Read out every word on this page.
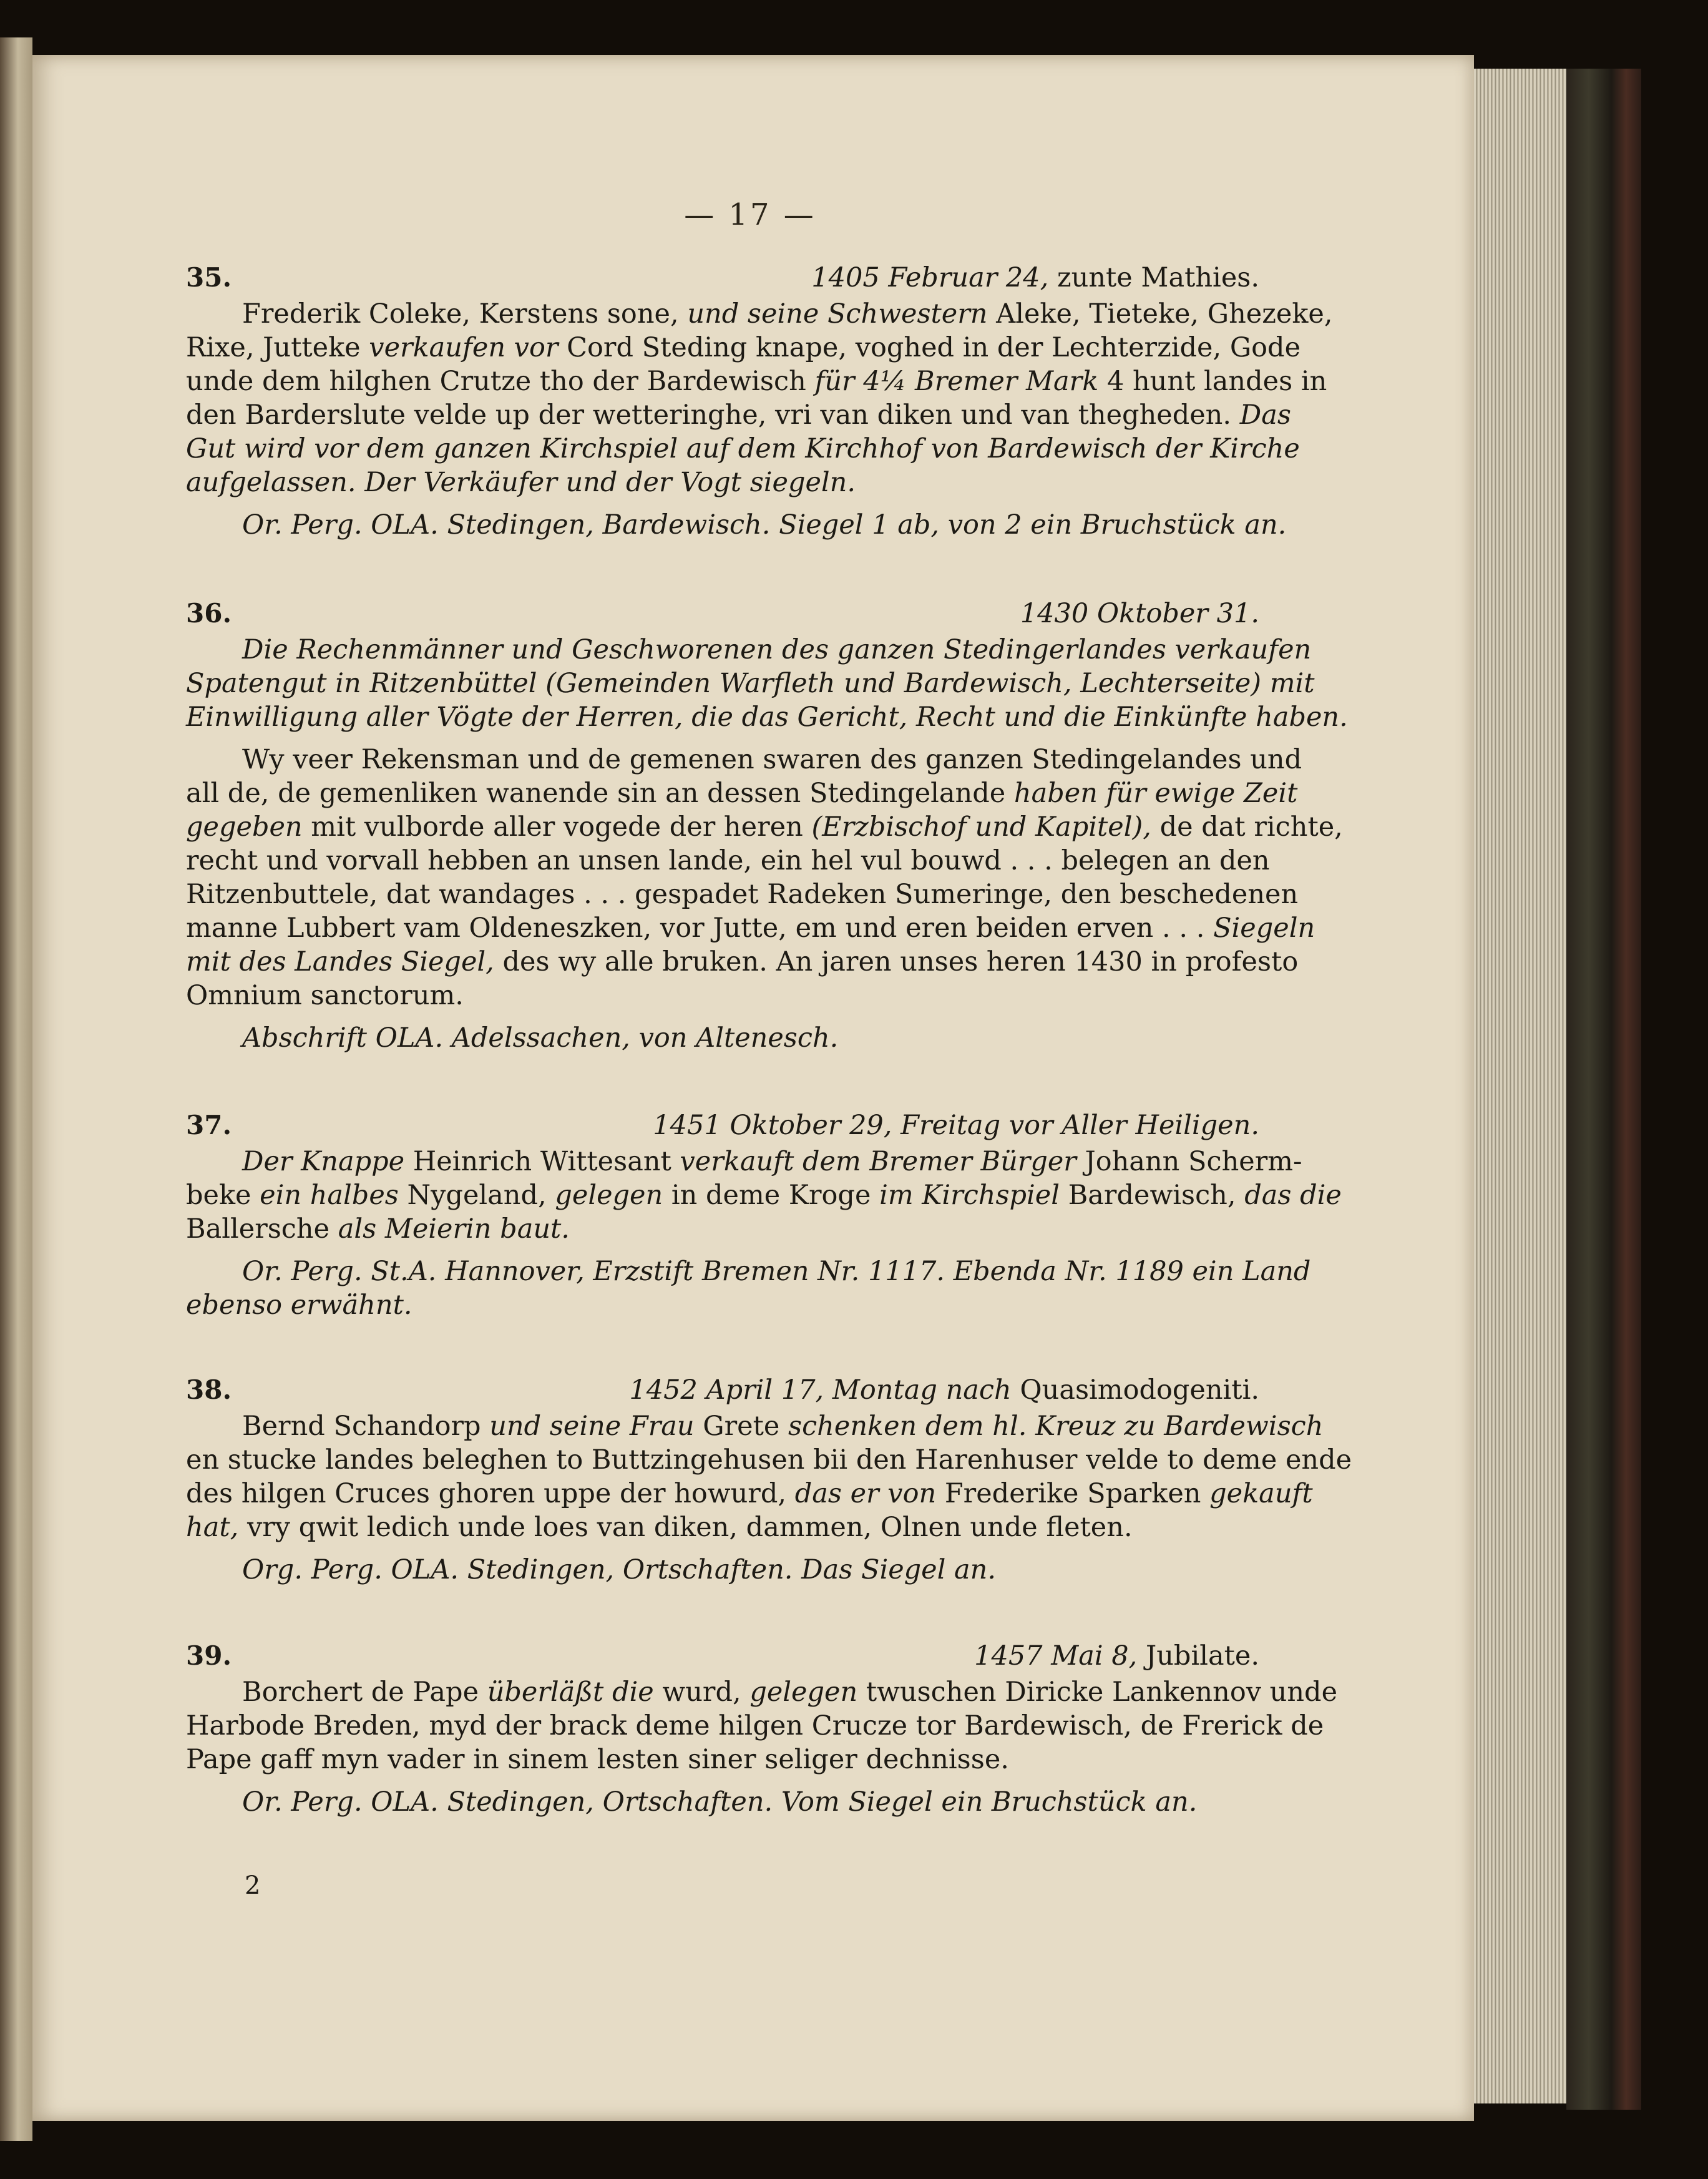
— 17 —
35.	1405 Februar 24, zunte Mathies.
Frederik Coleke, Kerstens sone, und seine Schwestern Aleke, Tieteke, Ghezeke,
Rixe, Jutteke verkaufen vor Cord Steding knape, voghed in der Lechterzide, Gode
unde dem hilghen Crutze tho der Bardewisch für 4¼ Bremer Mark 4 hunt landes in
den Barderslute velde up der wetteringhe, vri van diken und van thegheden. Das
Gut wird vor dem ganzen Kirchspiel auf dem Kirchhof von Bardewisch der Kirche
aufgelassen. Der Verkäufer und der Vogt siegeln.
Or. Perg. OLA. Stedingen, Bardewisch. Siegel 1 ab, von 2 ein Bruchstück an.
36.	1430 Oktober 31.
Die Rechenmänner und Geschworenen des ganzen Stedingerlandes verkaufen
Spatengut in Ritzenbüttel (Gemeinden Warfleth und Bardewisch, Lechterseite) mit
Einwilligung aller Vögte der Herren, die das Gericht, Recht und die Einkünfte haben.
Wy veer Rekensman und de gemenen swaren des ganzen Stedingelandes und
all de, de gemenliken wanende sin an dessen Stedingelande haben für ewige Zeit
gegeben mit vulborde aller vogede der heren (Erzbischof und Kapitel), de dat richte,
recht und vorvall hebben an unsen lande, ein hel vul bouwd . . . belegen an den
Ritzenbuttele, dat wandages . . . gespadet Radeken Sumeringe, den beschedenen
manne Lubbert vam Oldeneszken, vor Jutte, em und eren beiden erven . . . Siegeln
mit des Landes Siegel, des wy alle bruken. An jaren unses heren 1430 in profesto
Omnium sanctorum.
Abschrift OLA. Adelssachen, von Altenesch.
37.	1451 Oktober 29, Freitag vor Aller Heiligen.
Der Knappe Heinrich Wittesant verkauft dem Bremer Bürger Johann Scherm-
beke ein halbes Nygeland, gelegen in deme Kroge im Kirchspiel Bardewisch, das die
Ballersche als Meierin baut.
Or. Perg. St.A. Hannover, Erzstift Bremen Nr. 1117. Ebenda Nr. 1189 ein Land
ebenso erwähnt.
38.	1452 April 17, Montag nach Quasimodogeniti.
Bernd Schandorp und seine Frau Grete schenken dem hl. Kreuz zu Bardewisch
en stucke landes beleghen to Buttzingehusen bii den Harenhuser velde to deme ende
des hilgen Cruces ghoren uppe der howurd, das er von Frederike Sparken gekauft
hat, vry qwit ledich unde loes van diken, dammen, Olnen unde fleten.
Org. Perg. OLA. Stedingen, Ortschaften. Das Siegel an.
39.	1457 Mai 8, Jubilate.
Borchert de Pape überläßt die wurd, gelegen twuschen Diricke Lankennov unde
Harbode Breden, myd der brack deme hilgen Crucze tor Bardewisch, de Frerick de
Pape gaff myn vader in sinem lesten siner seliger dechnisse.
Or. Perg. OLA. Stedingen, Ortschaften. Vom Siegel ein Bruchstück an.
2
